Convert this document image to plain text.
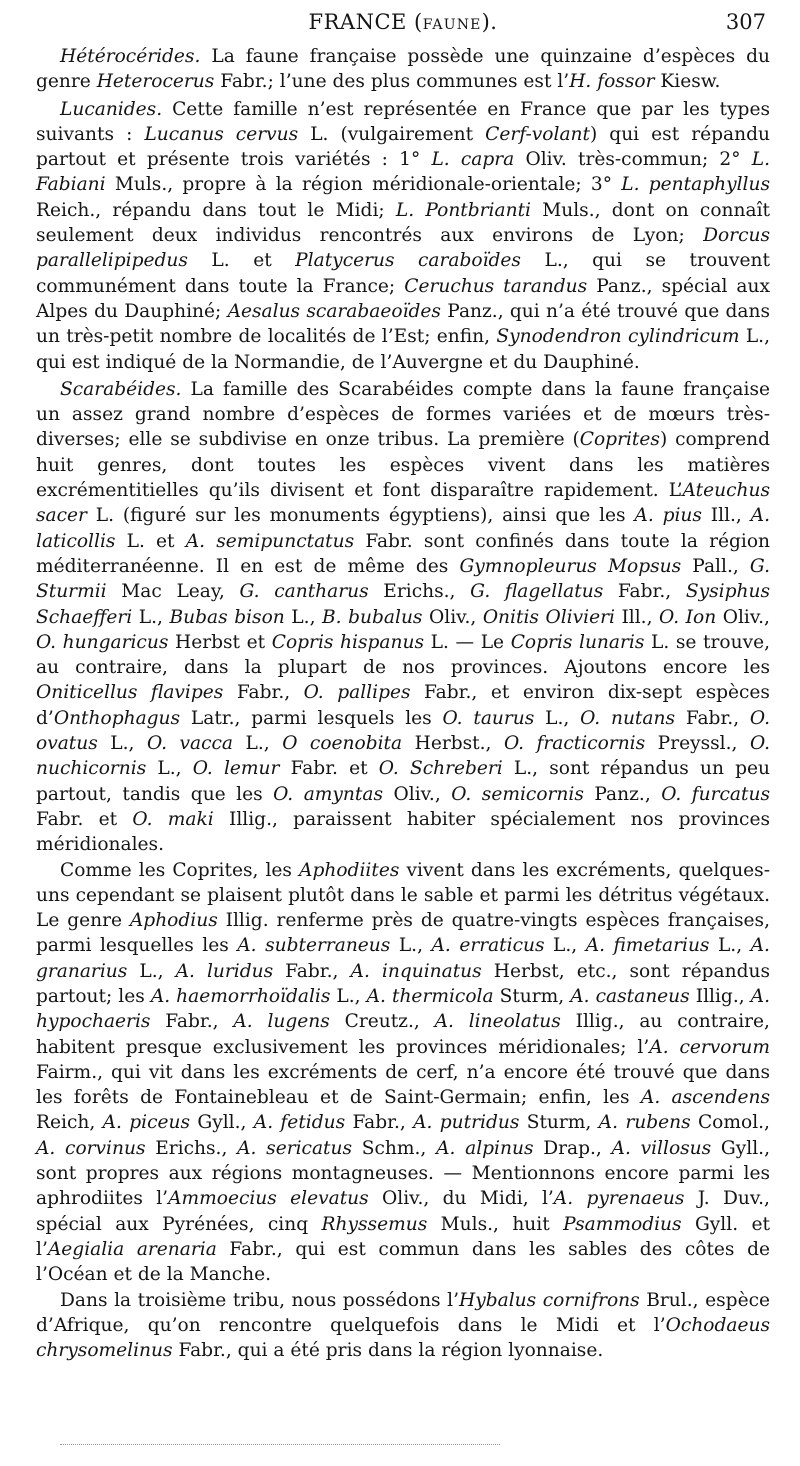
FRANCE (FAUNE).	307

Hétérocérides. La faune française possède une quinzaine d’espèces du genre Heterocerus Fabr.; l’une des plus communes est l’H. fossor Kiesw.

Lucanides. Cette famille n’est représentée en France que par les types suivants : Lucanus cervus L. (vulgairement Cerf-volant) qui est répandu partout et présente trois variétés : 1° L. capra Oliv. très-commun; 2° L. Fabiani Muls., propre à la région méridionale-orientale; 3° L. pentaphyllus Reich., répandu dans tout le Midi; L. Pontbrianti Muls., dont on connaît seulement deux individus rencontrés aux environs de Lyon; Dorcus parallelipipedus L. et Platycerus caraboïdes L., qui se trouvent communément dans toute la France; Ceruchus tarandus Panz., spécial aux Alpes du Dauphiné; Aesalus scarabaeoïdes Panz., qui n’a été trouvé que dans un très-petit nombre de localités de l’Est; enfin, Synodendron cylindricum L., qui est indiqué de la Normandie, de l’Auvergne et du Dauphiné.

Scarabéides. La famille des Scarabéides compte dans la faune française un assez grand nombre d’espèces de formes variées et de mœurs très-diverses; elle se subdivise en onze tribus. La première (Coprites) comprend huit genres, dont toutes les espèces vivent dans les matières excrémentitielles qu’ils divisent et font disparaître rapidement. L’Ateuchus sacer L. (figuré sur les monuments égyptiens), ainsi que les A. pius Ill., A. laticollis L. et A. semipunctatus Fabr. sont confinés dans toute la région méditerranéenne. Il en est de même des Gymnopleurus Mopsus Pall., G. Sturmii Mac Leay, G. cantharus Erichs., G. flagellatus Fabr., Sysiphus Schaefferi L., Bubas bison L., B. bubalus Oliv., Onitis Olivieri Ill., O. Ion Oliv., O. hungaricus Herbst et Copris hispanus L. — Le Copris lunaris L. se trouve, au contraire, dans la plupart de nos provinces. Ajoutons encore les Oniticellus flavipes Fabr., O. pallipes Fabr., et environ dix-sept espèces d’Onthophagus Latr., parmi lesquels les O. taurus L., O. nutans Fabr., O. ovatus L., O. vacca L., O coenobita Herbst., O. fracticornis Preyssl., O. nuchicornis L., O. lemur Fabr. et O. Schreberi L., sont répandus un peu partout, tandis que les O. amyntas Oliv., O. semicornis Panz., O. furcatus Fabr. et O. maki Illig., paraissent habiter spécialement nos provinces méridionales.

Comme les Coprites, les Aphodiites vivent dans les excréments, quelques-uns cependant se plaisent plutôt dans le sable et parmi les détritus végétaux. Le genre Aphodius Illig. renferme près de quatre-vingts espèces françaises, parmi lesquelles les A. subterraneus L., A. erraticus L., A. fimetarius L., A. granarius L., A. luridus Fabr., A. inquinatus Herbst, etc., sont répandus partout; les A. haemorrhoïdalis L., A. thermicola Sturm, A. castaneus Illig., A. hypochaeris Fabr., A. lugens Creutz., A. lineolatus Illig., au contraire, habitent presque exclusivement les provinces méridionales; l’A. cervorum Fairm., qui vit dans les excréments de cerf, n’a encore été trouvé que dans les forêts de Fontainebleau et de Saint-Germain; enfin, les A. ascendens Reich, A. piceus Gyll., A. fetidus Fabr., A. putridus Sturm, A. rubens Comol., A. corvinus Erichs., A. sericatus Schm., A. alpinus Drap., A. villosus Gyll., sont propres aux régions montagneuses. — Mentionnons encore parmi les aphrodiites l’Ammoecius elevatus Oliv., du Midi, l’A. pyrenaeus J. Duv., spécial aux Pyrénées, cinq Rhyssemus Muls., huit Psammodius Gyll. et l’Aegialia arenaria Fabr., qui est commun dans les sables des côtes de l’Océan et de la Manche.

Dans la troisième tribu, nous possédons l’Hybalus cornifrons Brul., espèce d’Afrique, qu’on rencontre quelquefois dans le Midi et l’Ochodaeus chrysomelinus Fabr., qui a été pris dans la région lyonnaise.
